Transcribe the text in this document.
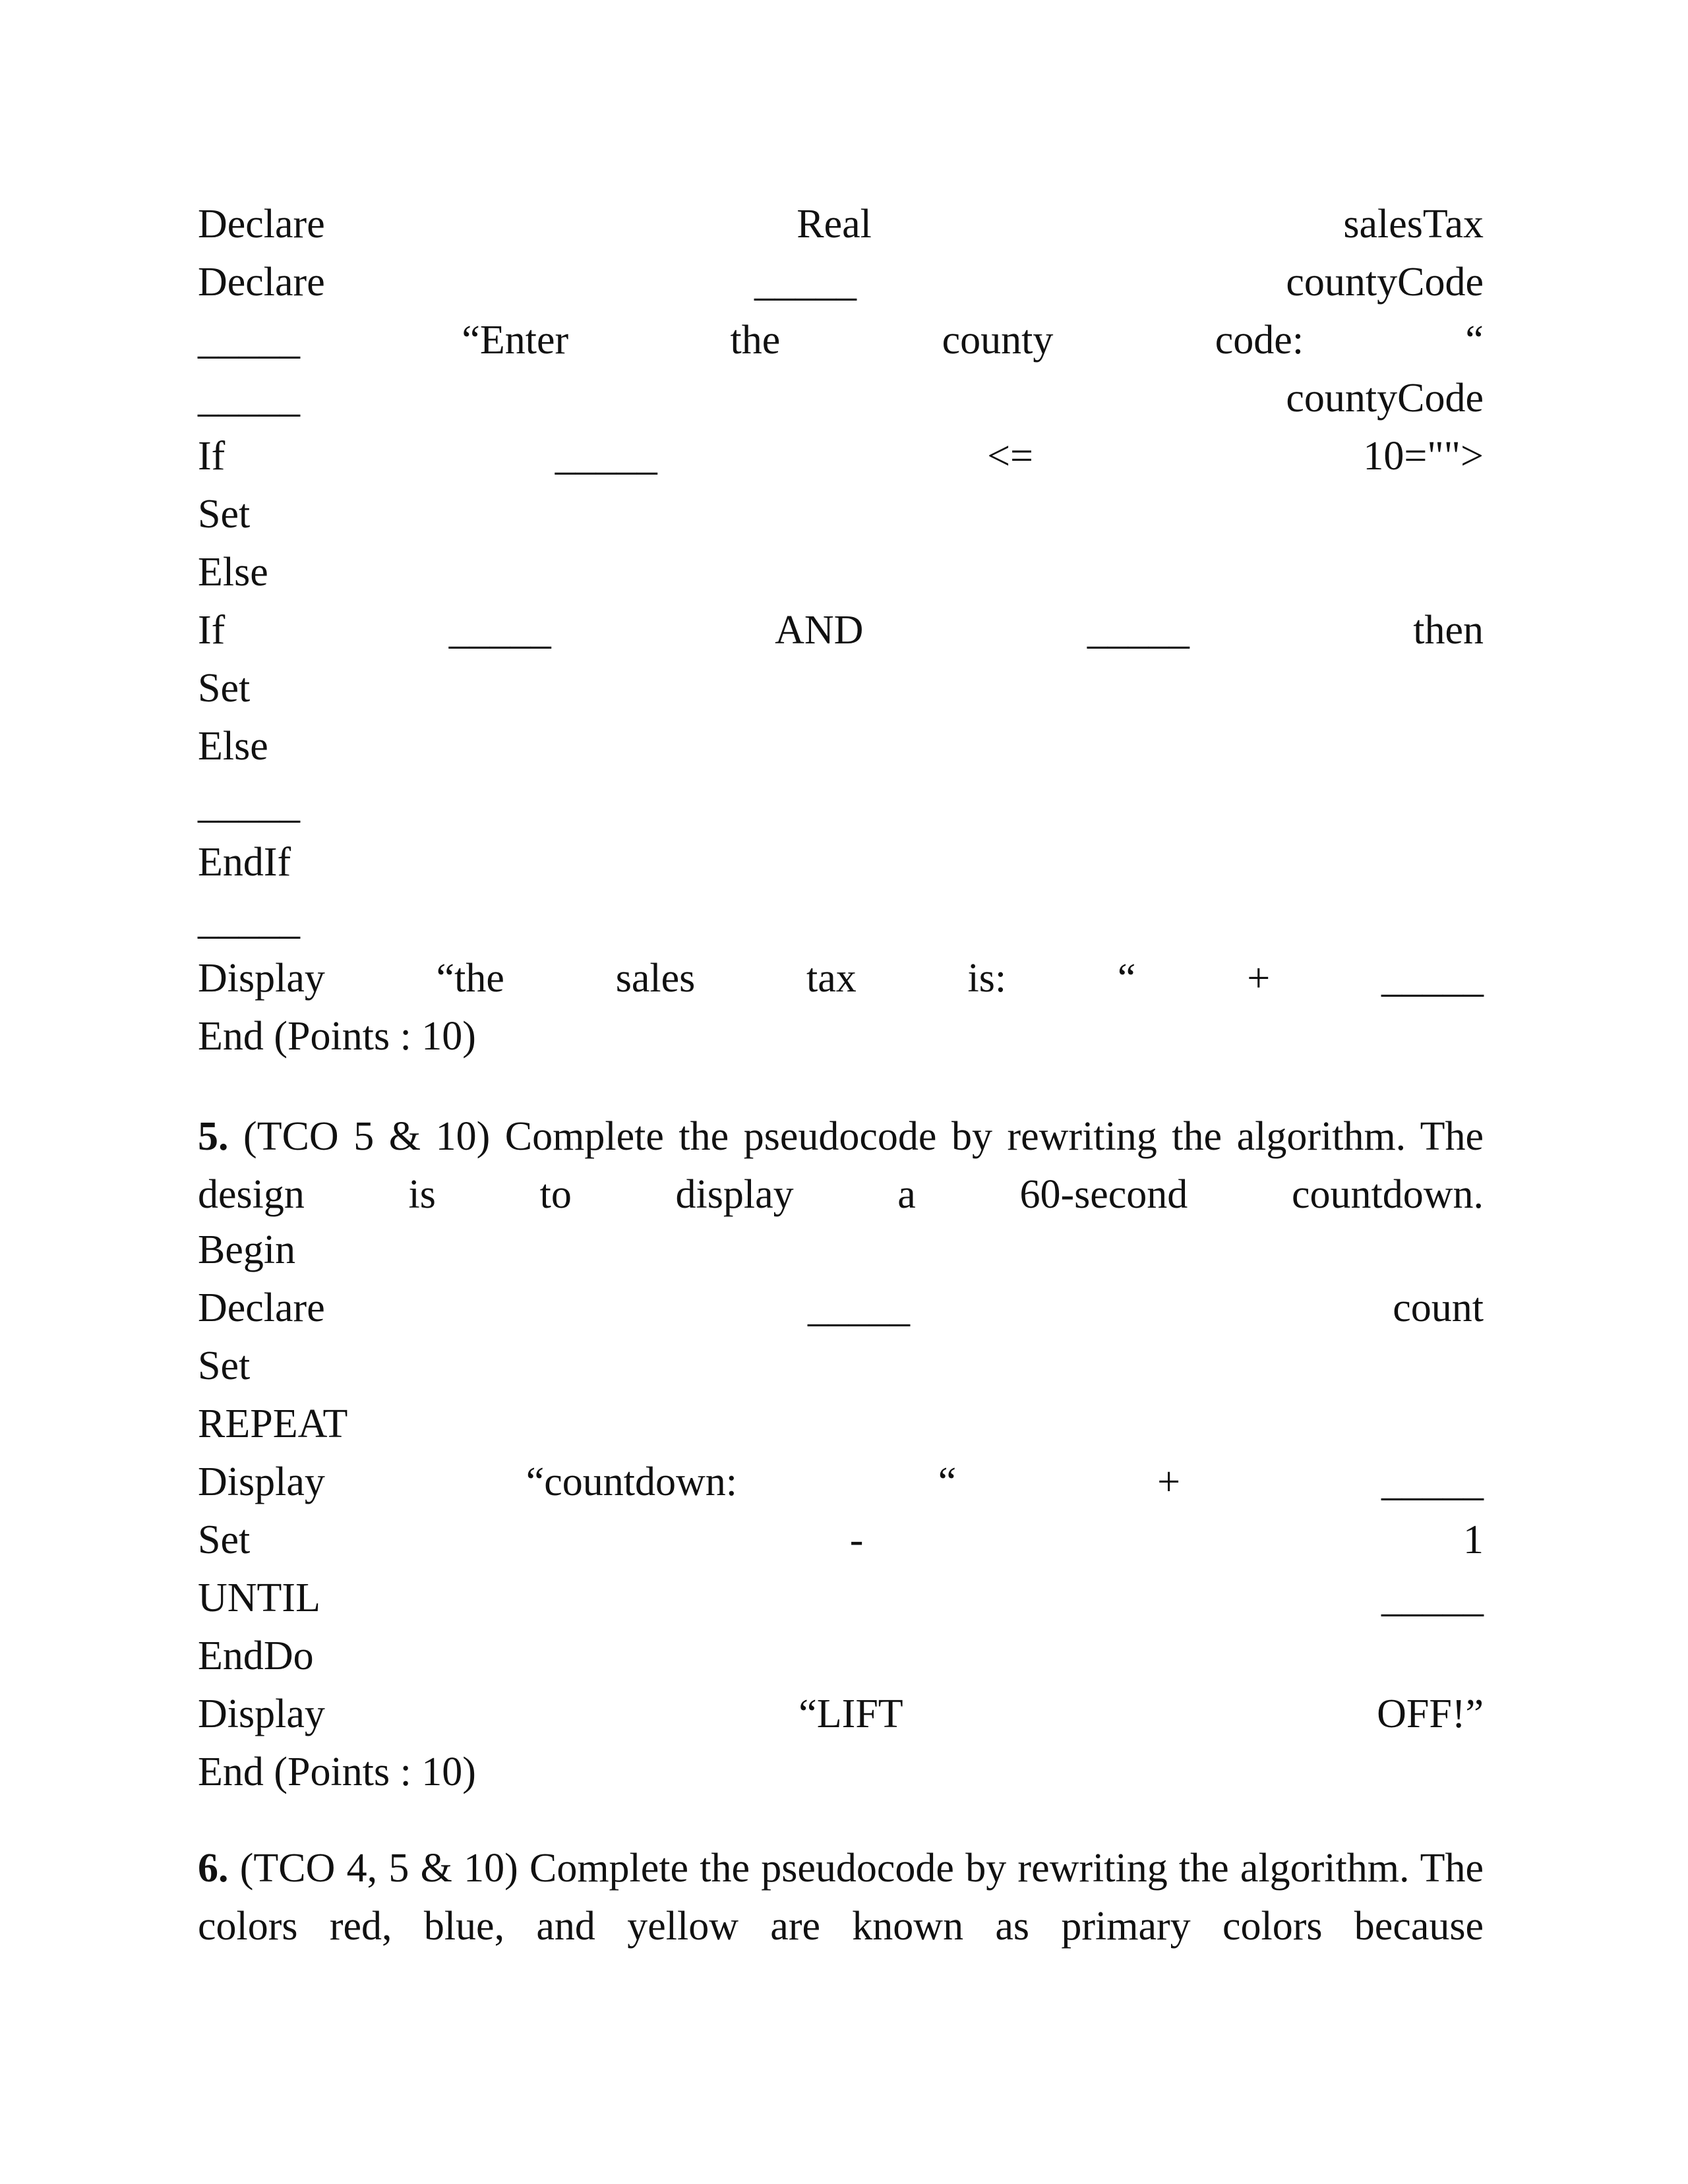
Declare	Real	salesTax
Declare	_____	countyCode
_____	“Enter	the	county	code:	“
_____	countyCode
If	_____	<=	10="">
Set
Else
If	_____	AND	_____	then
Set
Else
_____
EndIf
_____
Display	“the	sales	tax	is:	“	+	_____
End (Points : 10)
5. (TCO 5 & 10) Complete the pseudocode by rewriting the algorithm. The design is to display a 60-second countdown.
Begin
Declare	_____	count
Set
REPEAT
Display	“countdown:	“	+	_____
Set	-	1
UNTIL	_____
EndDo
Display	“LIFT	OFF!”
End (Points : 10)
6. (TCO 4, 5 & 10) Complete the pseudocode by rewriting the algorithm. The colors red, blue, and yellow are known as primary colors because
